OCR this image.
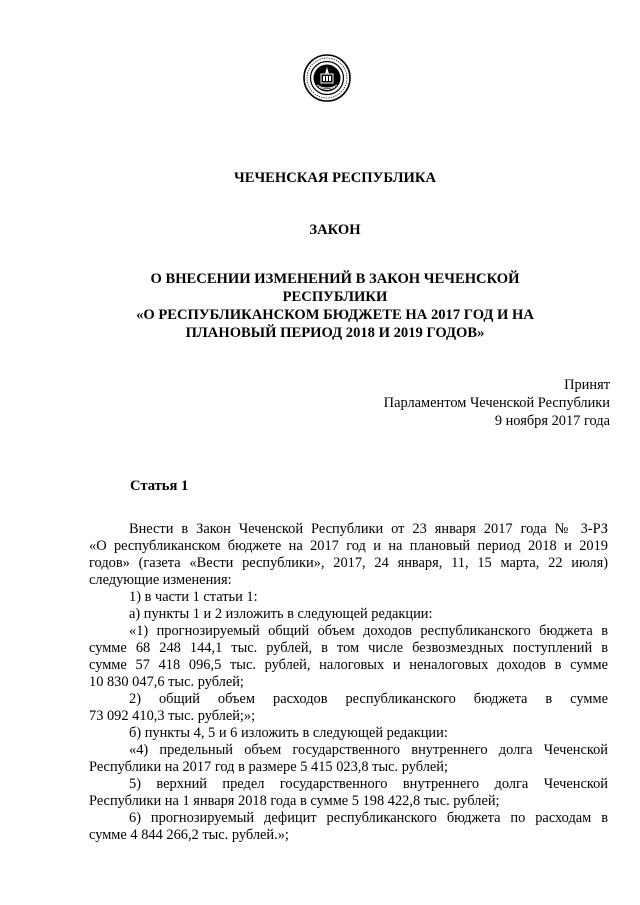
ЧЕЧЕНСКАЯ РЕСПУБЛИКА
ЗАКОН
О ВНЕСЕНИИ ИЗМЕНЕНИЙ В ЗАКОН ЧЕЧЕНСКОЙ РЕСПУБЛИКИ
«О РЕСПУБЛИКАНСКОМ БЮДЖЕТЕ НА 2017 ГОД И НА
ПЛАНОВЫЙ ПЕРИОД 2018 И 2019 ГОДОВ»
Принят
Парламентом Чеченской Республики
9 ноября 2017 года
Статья 1

Внести в Закон Чеченской Республики от 23 января 2017 года № 3-РЗ

«О республиканском бюджете на 2017 год и на плановый период 2018 и 2019

годов» (газета «Вести республики», 2017, 24 января, 11, 15 марта, 22 июля)

следующие изменения:

1) в части 1 статьи 1:

а) пункты 1 и 2 изложить в следующей редакции:

«1) прогнозируемый общий объем доходов республиканского бюджета в

сумме 68 248 144,1 тыс. рублей, в том числе безвозмездных поступлений в

сумме 57 418 096,5 тыс. рублей, налоговых и неналоговых доходов в сумме

10 830 047,6 тыс. рублей;

2) общий объем расходов республиканского бюджета в сумме

73 092 410,3 тыс. рублей;»;

б) пункты 4, 5 и 6 изложить в следующей редакции:

«4) предельный объем государственного внутреннего долга Чеченской

Республики на 2017 год в размере 5 415 023,8 тыс. рублей;

5) верхний предел государственного внутреннего долга Чеченской

Республики на 1 января 2018 года в сумме 5 198 422,8 тыс. рублей;

6) прогнозируемый дефицит республиканского бюджета по расходам в

сумме 4 844 266,2 тыс. рублей.»;
